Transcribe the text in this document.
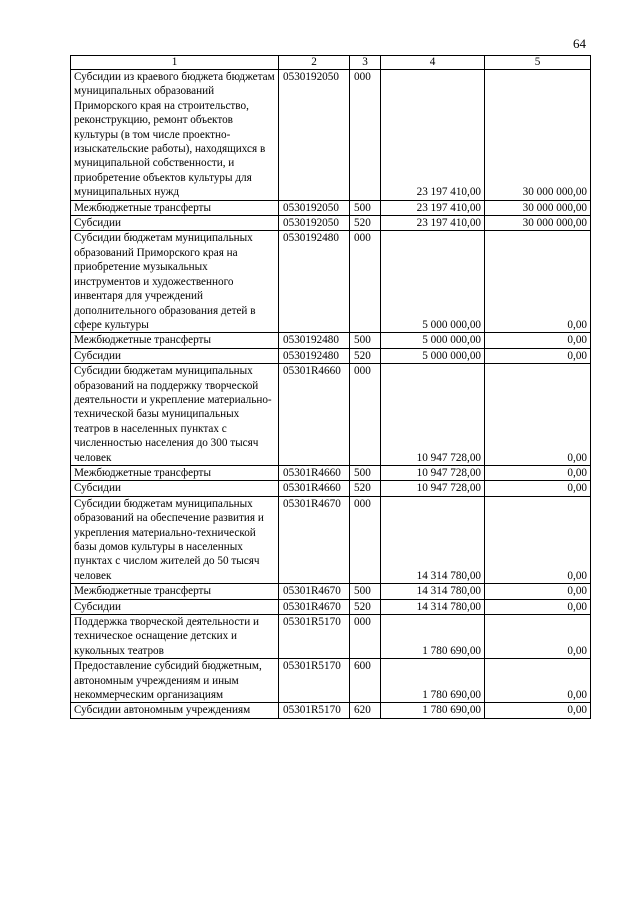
64
1	2	3	4	5
Субсидии из краевого бюджета бюджетам муниципальных образований Приморского края на строительство, реконструкцию, ремонт объектов культуры (в том числе проектно-изыскательские работы), находящихся в муниципальной собственности, и приобретение объектов культуры для муниципальных нужд	0530192050	000	23 197 410,00	30 000 000,00
Межбюджетные трансферты	0530192050	500	23 197 410,00	30 000 000,00
Субсидии	0530192050	520	23 197 410,00	30 000 000,00
Субсидии бюджетам муниципальных образований Приморского края на приобретение музыкальных инструментов и художественного инвентаря для учреждений дополнительного образования детей в сфере культуры	0530192480	000	5 000 000,00	0,00
Межбюджетные трансферты	0530192480	500	5 000 000,00	0,00
Субсидии	0530192480	520	5 000 000,00	0,00
Субсидии бюджетам муниципальных образований на поддержку творческой деятельности и укрепление материально-технической базы муниципальных театров в населенных пунктах с численностью населения до 300 тысяч человек	05301R4660	000	10 947 728,00	0,00
Межбюджетные трансферты	05301R4660	500	10 947 728,00	0,00
Субсидии	05301R4660	520	10 947 728,00	0,00
Субсидии бюджетам муниципальных образований на обеспечение развития и укрепления материально-технической базы домов культуры в населенных пунктах с числом жителей до 50 тысяч человек	05301R4670	000	14 314 780,00	0,00
Межбюджетные трансферты	05301R4670	500	14 314 780,00	0,00
Субсидии	05301R4670	520	14 314 780,00	0,00
Поддержка творческой деятельности и техническое оснащение детских и кукольных театров	05301R5170	000	1 780 690,00	0,00
Предоставление субсидий бюджетным, автономным учреждениям и иным некоммерческим организациям	05301R5170	600	1 780 690,00	0,00
Субсидии автономным учреждениям	05301R5170	620	1 780 690,00	0,00
